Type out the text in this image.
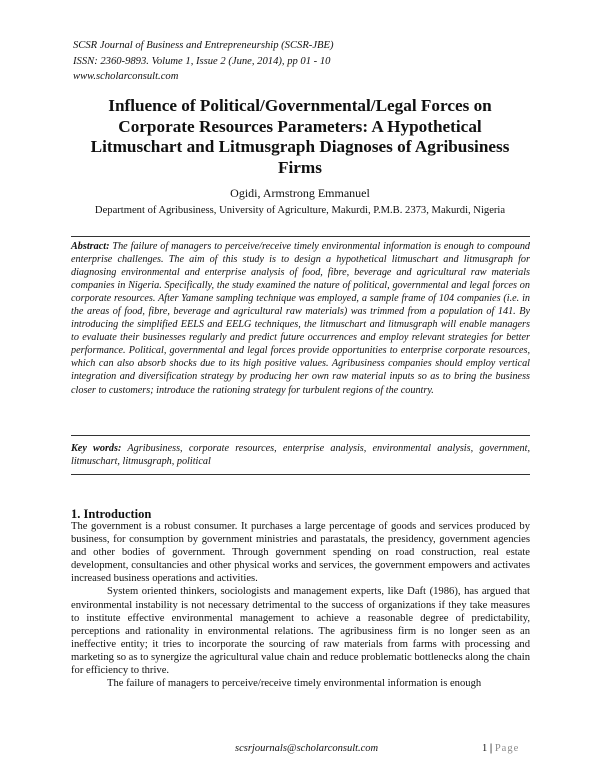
SCSR Journal of Business and Entrepreneurship (SCSR-JBE)
ISSN: 2360-9893. Volume 1, Issue 2 (June, 2014), pp 01 - 10
www.scholarconsult.com
Influence of Political/Governmental/Legal Forces on
Corporate Resources Parameters: A Hypothetical
Litmuschart and Litmusgraph Diagnoses of Agribusiness
Firms
Ogidi, Armstrong Emmanuel
Department of Agribusiness, University of Agriculture, Makurdi, P.M.B. 2373, Makurdi, Nigeria

Abstract: The failure of managers to perceive/receive timely environmental information is enough to compound enterprise challenges. The aim of this study is to design a hypothetical litmuschart and litmusgraph for diagnosing environmental and enterprise analysis of food, fibre, beverage and agricultural raw materials companies in Nigeria. Specifically, the study examined the nature of political, governmental and legal forces on corporate resources. After Yamane sampling technique was employed, a sample frame of 104 companies (i.e. in the areas of food, fibre, beverage and agricultural raw materials) was trimmed from a population of 141. By introducing the simplified EELS and EELG techniques, the litmuschart and litmusgraph will enable managers to evaluate their businesses regularly and predict future occurrences and employ relevant strategies for better performance. Political, governmental and legal forces provide opportunities to enterprise corporate resources, which can also absorb shocks due to its high positive values. Agribusiness companies should employ vertical integration and diversification strategy by producing her own raw material inputs so as to bring the business closer to customers; introduce the rationing strategy for turbulent regions of the country.

Key words: Agribusiness, corporate resources, enterprise analysis, environmental analysis, government, litmuschart, litmusgraph, political

1. Introduction

The government is a robust consumer. It purchases a large percentage of goods and services produced by business, for consumption by government ministries and parastatals, the presidency, government agencies and other bodies of government. Through government spending on road construction, real estate development, consultancies and other physical works and services, the government empowers and activates increased business operations and activities.

System oriented thinkers, sociologists and management experts, like Daft (1986), has argued that environmental instability is not necessary detrimental to the success of organizations if they take measures to institute effective environmental management to achieve a reasonable degree of predictability, perceptions and rationality in environmental relations. The agribusiness firm is no longer seen as an ineffective entity; it tries to incorporate the sourcing of raw materials from farms with processing and marketing so as to synergize the agricultural value chain and reduce problematic bottlenecks along the chain for efficiency to thrive.

The failure of managers to perceive/receive timely environmental information is enough

scsrjournals@scholarconsult.com	1 | Page
